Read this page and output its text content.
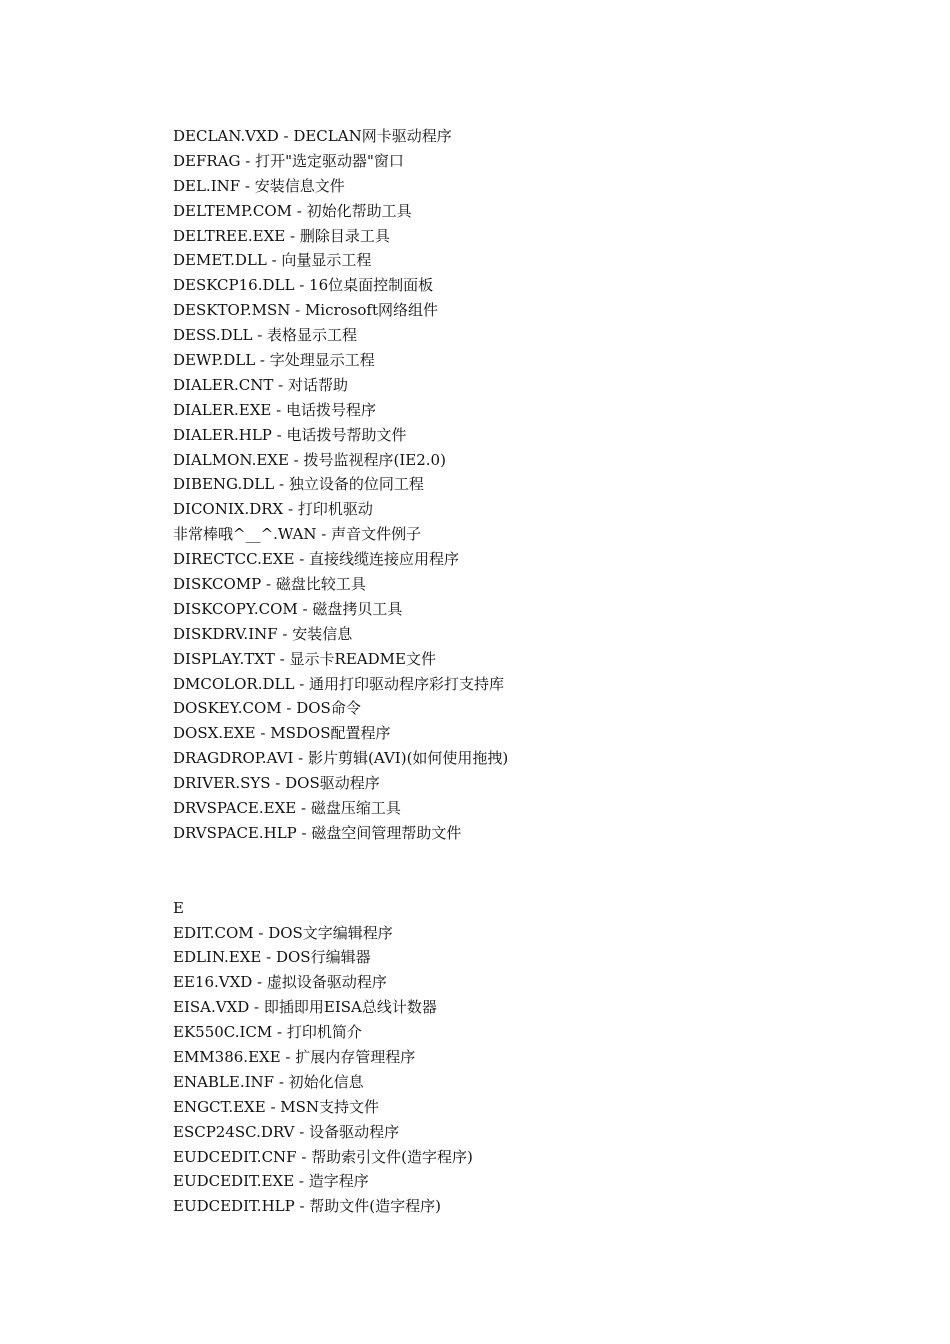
DECLAN.VXD - DECLAN网卡驱动程序
DEFRAG - 打开"选定驱动器"窗口
DEL.INF - 安装信息文件
DELTEMP.COM - 初始化帮助工具
DELTREE.EXE - 删除目录工具
DEMET.DLL - 向量显示工程
DESKCP16.DLL - 16位桌面控制面板
DESKTOP.MSN - Microsoft网络组件
DESS.DLL - 表格显示工程
DEWP.DLL - 字处理显示工程
DIALER.CNT - 对话帮助
DIALER.EXE - 电话拨号程序
DIALER.HLP - 电话拨号帮助文件
DIALMON.EXE - 拨号监视程序(IE2.0)
DIBENG.DLL - 独立设备的位同工程
DICONIX.DRX - 打印机驱动
非常棒哦^__^.WAN - 声音文件例子
DIRECTCC.EXE - 直接线缆连接应用程序
DISKCOMP - 磁盘比较工具
DISKCOPY.COM - 磁盘拷贝工具
DISKDRV.INF - 安装信息
DISPLAY.TXT - 显示卡README文件
DMCOLOR.DLL - 通用打印驱动程序彩打支持库
DOSKEY.COM - DOS命令
DOSX.EXE - MSDOS配置程序
DRAGDROP.AVI - 影片剪辑(AVI)(如何使用拖拽)
DRIVER.SYS - DOS驱动程序
DRVSPACE.EXE - 磁盘压缩工具
DRVSPACE.HLP - 磁盘空间管理帮助文件
E
EDIT.COM - DOS文字编辑程序
EDLIN.EXE - DOS行编辑器
EE16.VXD - 虚拟设备驱动程序
EISA.VXD - 即插即用EISA总线计数器
EK550C.ICM - 打印机简介
EMM386.EXE - 扩展内存管理程序
ENABLE.INF - 初始化信息
ENGCT.EXE - MSN支持文件
ESCP24SC.DRV - 设备驱动程序
EUDCEDIT.CNF - 帮助索引文件(造字程序)
EUDCEDIT.EXE - 造字程序
EUDCEDIT.HLP - 帮助文件(造字程序)
